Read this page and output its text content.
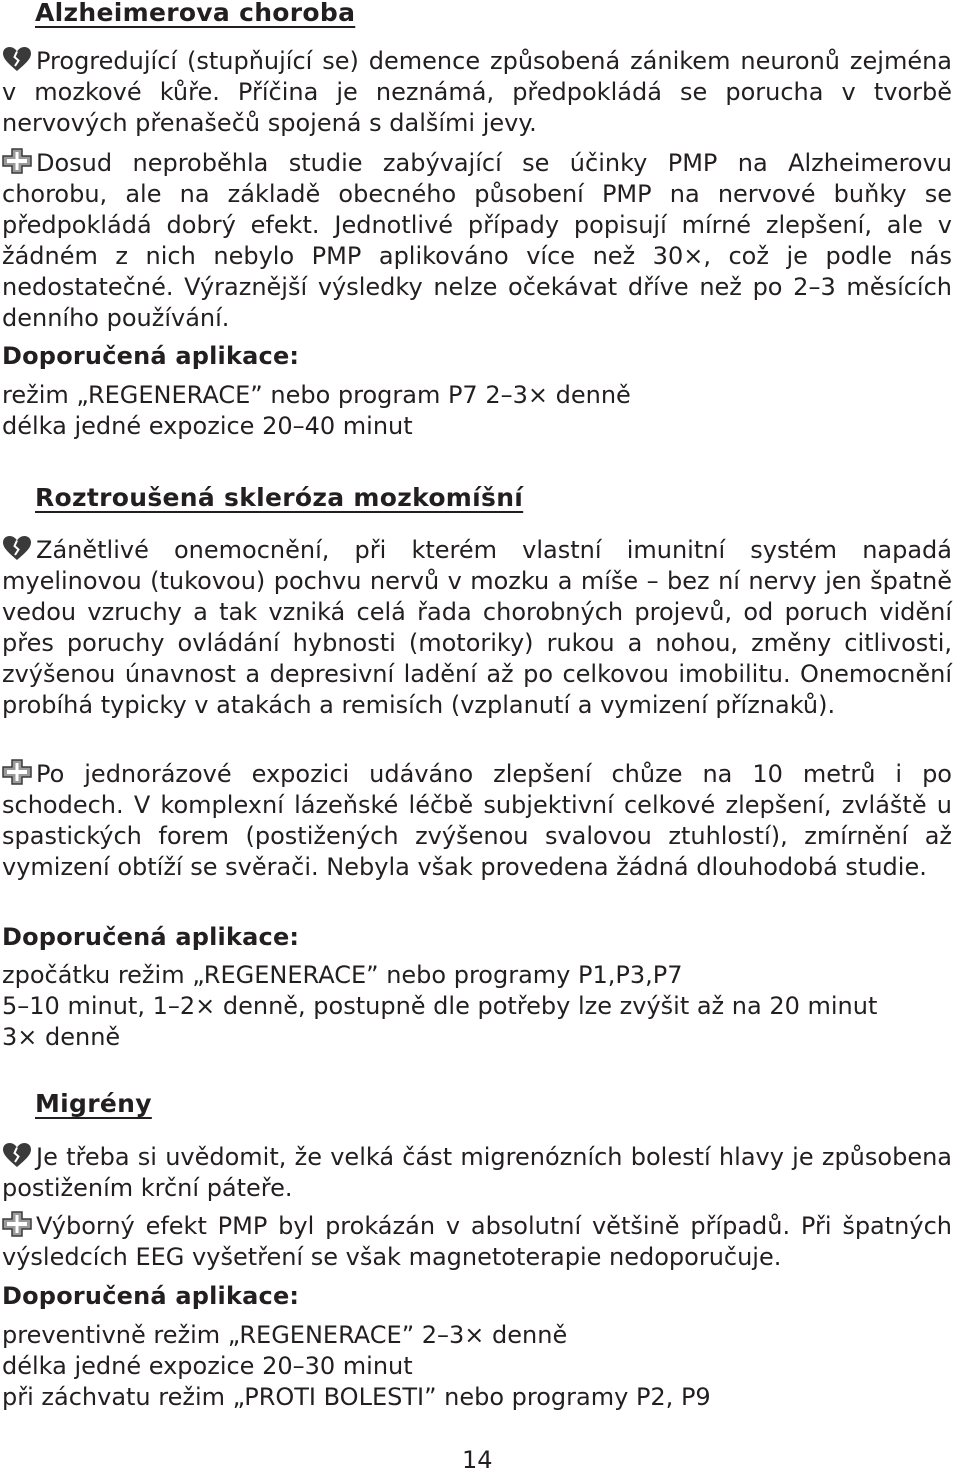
Alzheimerova choroba

Progredující (stupňující se) demence způsobená zánikem neuronů zejména v mozkové kůře. Příčina je neznámá, předpokládá se porucha v tvorbě nervových přenašečů spojená s dalšími jevy.

Dosud neproběhla studie zabývající se účinky PMP na Alzheimerovu chorobu, ale na základě obecného působení PMP na nervové buňky se předpokládá dobrý efekt. Jednotlivé případy popisují mírné zlepšení, ale v žádném z nich nebylo PMP aplikováno více než 30×, což je podle nás nedostatečné. Výraznější výsledky nelze očekávat dříve než po 2–3 měsících denního používání.

Doporučená aplikace:
režim „REGENERACE” nebo program P7 2–3× denně
délka jedné expozice 20–40 minut
Roztroušená skleróza mozkomíšní

Zánětlivé onemocnění, při kterém vlastní imunitní systém napadá myelinovou (tukovou) pochvu nervů v mozku a míše – bez ní nervy jen špatně vedou vzruchy a tak vzniká celá řada chorobných projevů, od poruch vidění přes poruchy ovládání hybnosti (motoriky) rukou a nohou, změny citlivosti, zvýšenou únavnost a depresivní ladění až po celkovou imobilitu. Onemocnění probíhá typicky v atakách a remisích (vzplanutí a vymizení příznaků).

Po jednorázové expozici udáváno zlepšení chůze na 10 metrů i po schodech. V komplexní lázeňské léčbě subjektivní celkové zlepšení, zvláště u spastických forem (postižených zvýšenou svalovou ztuhlostí), zmírnění až vymizení obtíží se svěrači. Nebyla však provedena žádná dlouhodobá studie.

Doporučená aplikace:
zpočátku režim „REGENERACE” nebo programy P1,P3,P7
5–10 minut, 1–2× denně, postupně dle potřeby lze zvýšit až na 20 minut
3× denně
Migrény

Je třeba si uvědomit, že velká část migrenózních bolestí hlavy je způsobena postižením krční páteře.

Výborný efekt PMP byl prokázán v absolutní většině případů. Při špatných výsledcích EEG vyšetření se však magnetoterapie nedoporučuje.

Doporučená aplikace:
preventivně režim „REGENERACE” 2–3× denně
délka jedné expozice 20–30 minut
při záchvatu režim „PROTI BOLESTI” nebo programy P2, P9
14
